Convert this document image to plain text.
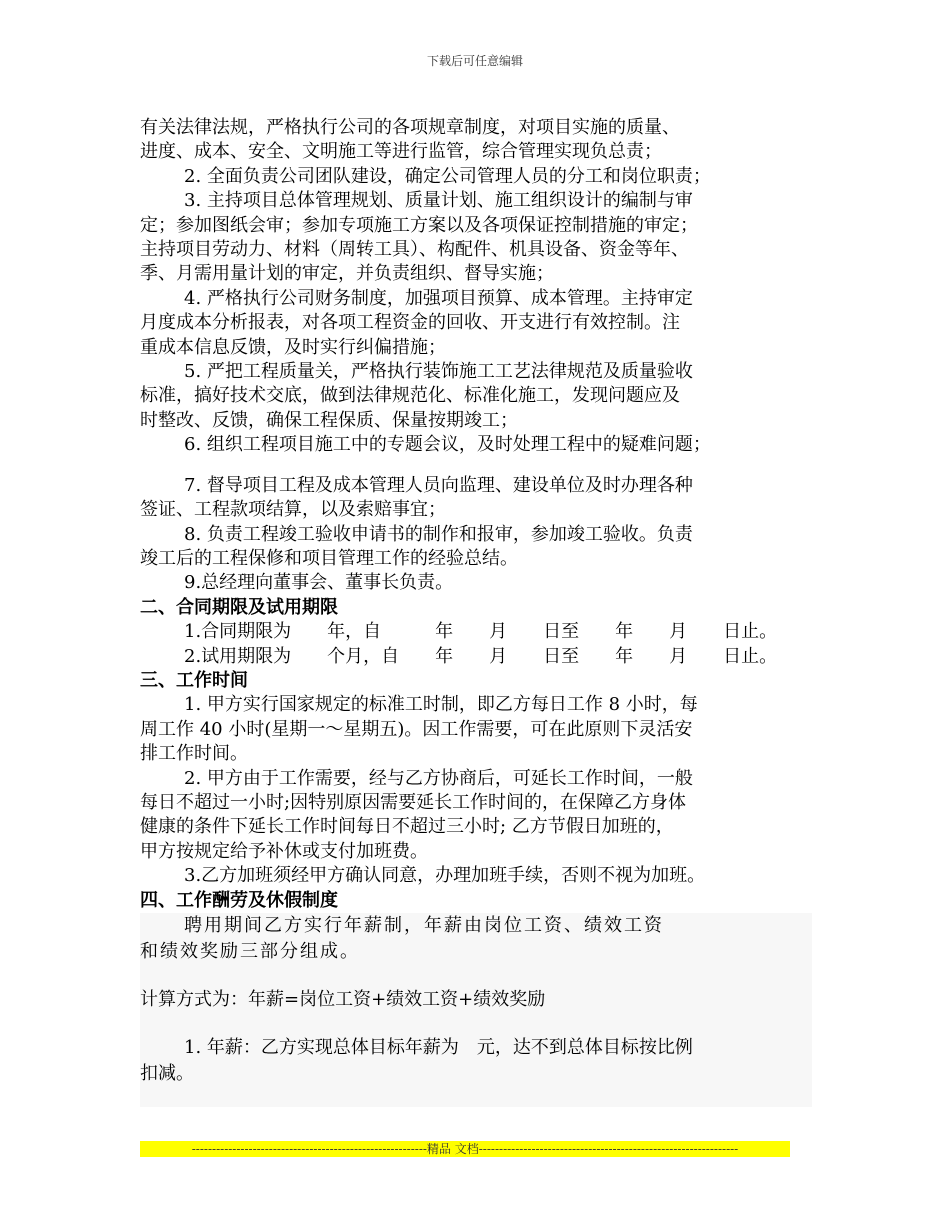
下载后可任意编辑

有关法律法规，严格执行公司的各项规章制度，对项目实施的质量、

进度、成本、安全、文明施工等进行监管，综合管理实现负总责；

2. 全面负责公司团队建设，确定公司管理人员的分工和岗位职责；

3. 主持项目总体管理规划、质量计划、施工组织设计的编制与审

定；参加图纸会审；参加专项施工方案以及各项保证控制措施的审定；

主持项目劳动力、材料（周转工具）、构配件、机具设备、资金等年、

季、月需用量计划的审定，并负责组织、督导实施；

4. 严格执行公司财务制度，加强项目预算、成本管理。主持审定

月度成本分析报表，对各项工程资金的回收、开支进行有效控制。注

重成本信息反馈，及时实行纠偏措施；

5. 严把工程质量关，严格执行装饰施工工艺法律规范及质量验收

标准，搞好技术交底，做到法律规范化、标准化施工，发现问题应及

时整改、反馈，确保工程保质、保量按期竣工；

6. 组织工程项目施工中的专题会议，及时处理工程中的疑难问题；

7. 督导项目工程及成本管理人员向监理、建设单位及时办理各种

签证、工程款项结算，以及索赔事宜；

8. 负责工程竣工验收申请书的制作和报审，参加竣工验收。负责

竣工后的工程保修和项目管理工作的经验总结。

9.总经理向董事会、董事长负责。

二、合同期限及试用期限

1.合同期限为　　年，自　　　年　　月　　日至　　年　　月　　日止。

2.试用期限为　　个月，自　　年　　月　　日至　　年　　月　　日止。

三、工作时间

1. 甲方实行国家规定的标准工时制，即乙方每日工作 8 小时，每

周工作 40 小时(星期一～星期五)。因工作需要，可在此原则下灵活安

排工作时间。

2. 甲方由于工作需要，经与乙方协商后，可延长工作时间，一般

每日不超过一小时;因特别原因需要延长工作时间的，在保障乙方身体

健康的条件下延长工作时间每日不超过三小时; 乙方节假日加班的，

甲方按规定给予补休或支付加班费。

3.乙方加班须经甲方确认同意，办理加班手续，否则不视为加班。

四、工作酬劳及休假制度

聘用期间乙方实行年薪制，年薪由岗位工资、绩效工资

和绩效奖励三部分组成。

计算方式为：年薪=岗位工资+绩效工资+绩效奖励

1. 年薪：乙方实现总体目标年薪为　元，达不到总体目标按比例

扣减。

----------------------------------------------------------精品 文档----------------------------------------------------------------
